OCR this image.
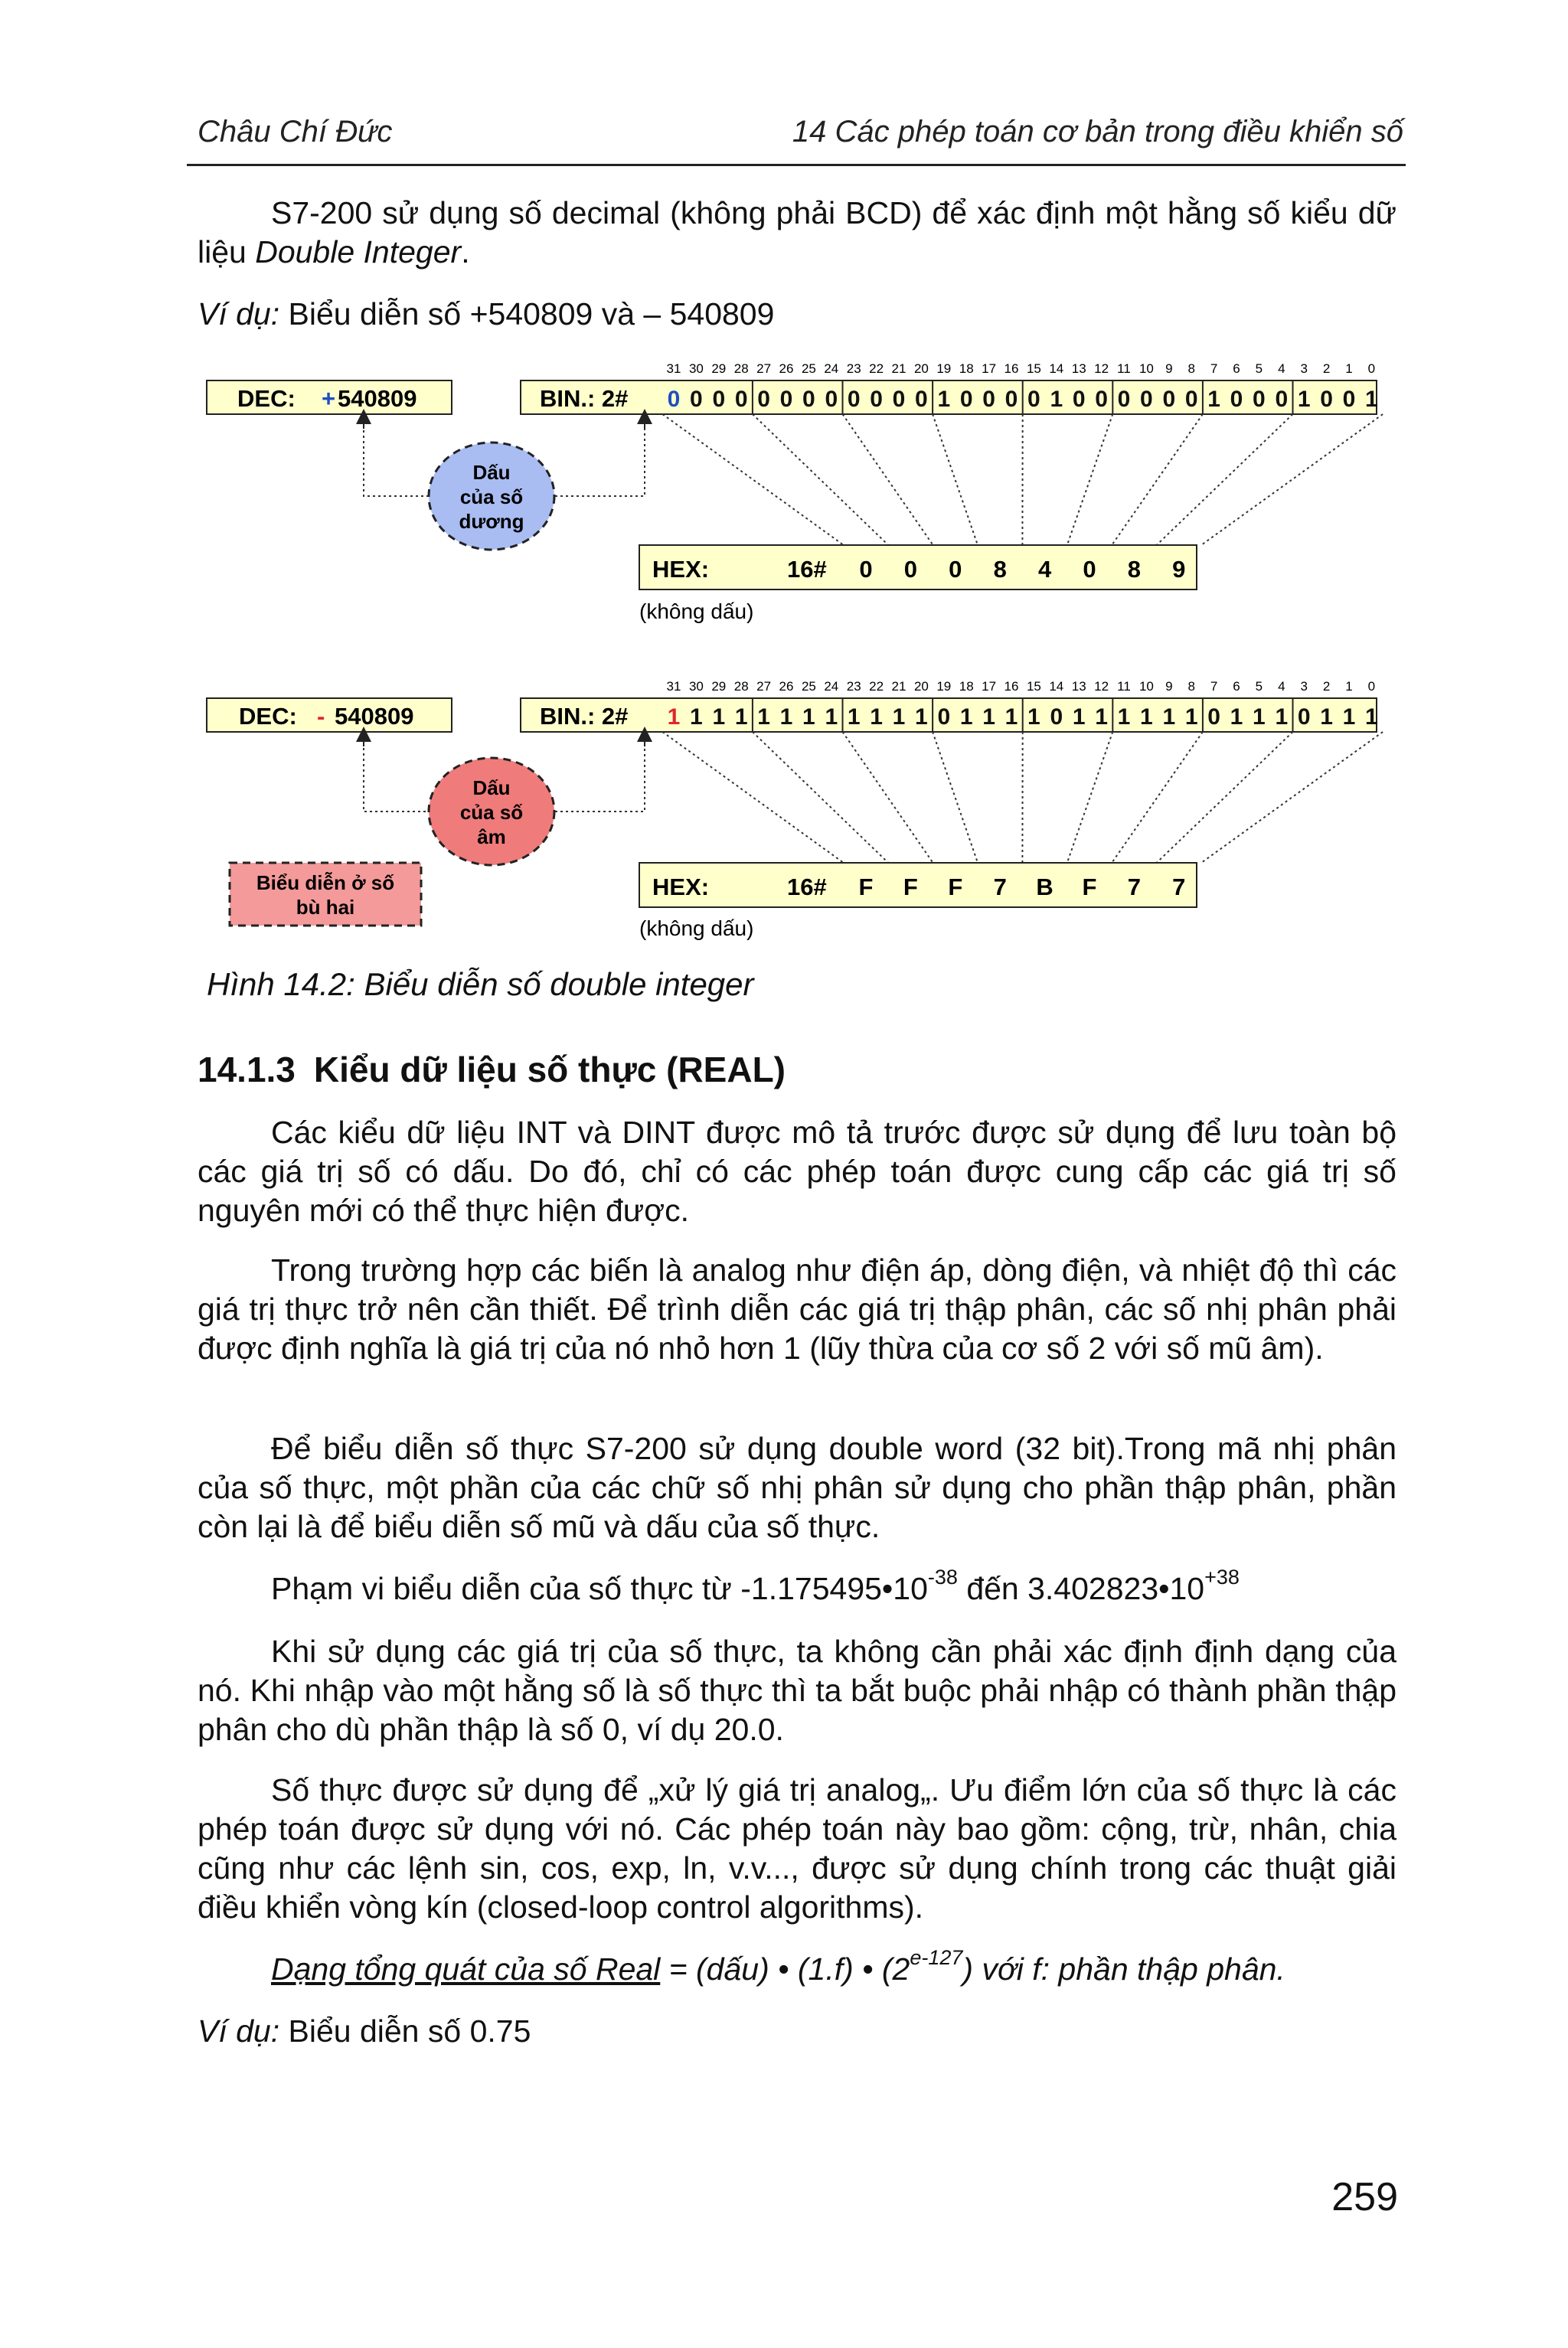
Châu Chí Đức	14 Các phép toán cơ bản trong điều khiển số
S7-200 sử dụng số decimal (không phải BCD) để xác định một hằng số kiểu dữ liệu Double Integer.
Ví dụ: Biểu diễn số +540809 và – 540809
31 30 29 28 27 26 25 24 23 22 21 20 19 18 17 16 15 14 13 12 11 10 9 8 7 6 5 4 3 2 1 0
DEC: + 540809	BIN.: 2# 0 0 0 0 0 0 0 0 0 0 0 0 1 0 0 0 0 1 0 0 0 0 0 0 1 0 0 0 1 0 0 1
Dấu
của số
dương
HEX:	16# 0 0 0 8 4 0 8 9
(không dấu)
31 30 29 28 27 26 25 24 23 22 21 20 19 18 17 16 15 14 13 12 11 10 9 8 7 6 5 4 3 2 1 0
DEC: - 540809	BIN.: 2# 1 1 1 1 1 1 1 1 1 1 1 1 0 1 1 1 1 0 1 1 1 1 1 1 0 1 1 1 0 1 1 1
Dấu
của số
âm
Biểu diễn ở số
bù hai
HEX:	16# F F F 7 B F 7 7
(không dấu)
Hình 14.2: Biểu diễn số double integer
14.1.3 Kiểu dữ liệu số thực (REAL)
Các kiểu dữ liệu INT và DINT được mô tả trước được sử dụng để lưu toàn bộ các giá trị số có dấu. Do đó, chỉ có các phép toán được cung cấp các giá trị số nguyên mới có thể thực hiện được.
Trong trường hợp các biến là analog như điện áp, dòng điện, và nhiệt độ thì các giá trị thực trở nên cần thiết. Để trình diễn các giá trị thập phân, các số nhị phân phải được định nghĩa là giá trị của nó nhỏ hơn 1 (lũy thừa của cơ số 2 với số mũ âm).
Để biểu diễn số thực S7-200 sử dụng double word (32 bit).Trong mã nhị phân của số thực, một phần của các chữ số nhị phân sử dụng cho phần thập phân, phần còn lại là để biểu diễn số mũ và dấu của số thực.
Phạm vi biểu diễn của số thực từ $-1.175495•10^{-38}$ đến $3.402823•10^{+38}$
Khi sử dụng các giá trị của số thực, ta không cần phải xác định định dạng của nó. Khi nhập vào một hằng số là số thực thì ta bắt buộc phải nhập có thành phần thập phân cho dù phần thập là số 0, ví dụ 20.0.
Số thực được sử dụng để „xử lý giá trị analog„. Ưu điểm lớn của số thực là các phép toán được sử dụng với nó. Các phép toán này bao gồm: cộng, trừ, nhân, chia cũng như các lệnh sin, cos, exp, ln, v.v..., được sử dụng chính trong các thuật giải điều khiển vòng kín (closed-loop control algorithms).
Dạng tổng quát của số Real = (dấu) • (1.f) • (2$^{e-127}$) với f: phần thập phân.
Ví dụ: Biểu diễn số 0.75
259
